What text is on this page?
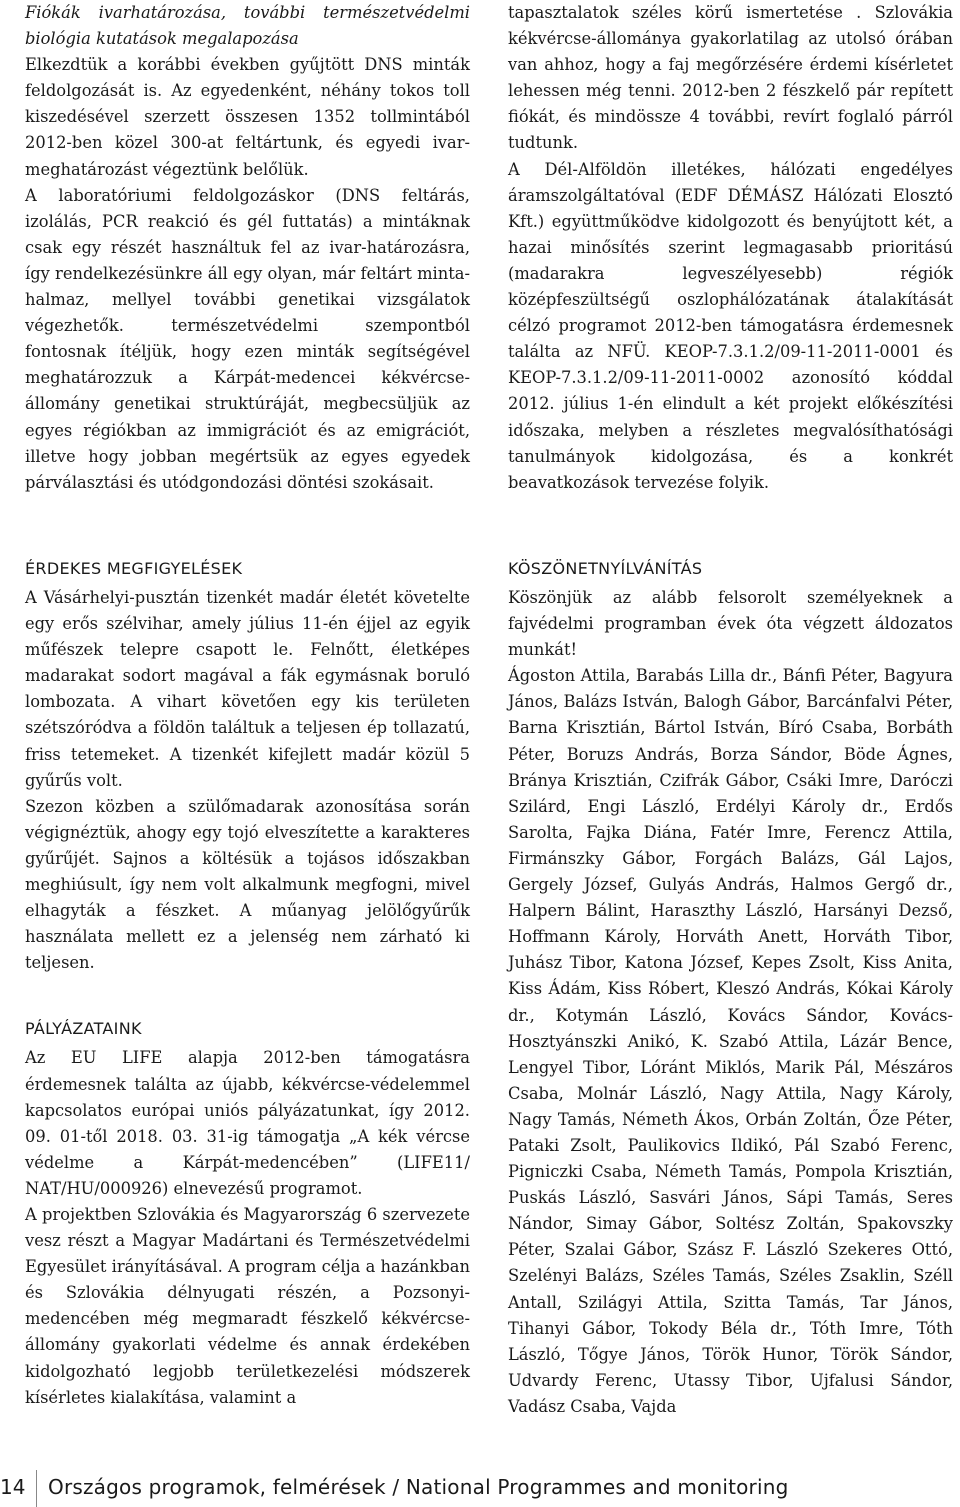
Fiókák ivarhatározása, további természetvédelmi biológia kutatások megalapozása

Elkezdtük a korábbi években gyűjtött DNS minták feldolgozását is. Az egyedenként, néhány tokos toll kiszedésével szerzett összesen 1352 tollmintából 2012-ben közel 300-at feltártunk, és egyedi ivar-meghatározást végeztünk belőlük.

A laboratóriumi feldolgozáskor (DNS feltárás, izolálás, PCR reakció és gél futtatás) a mintáknak csak egy részét használtuk fel az ivar-határozásra, így rendelkezésünkre áll egy olyan, már feltárt minta-halmaz, mellyel további genetikai vizsgálatok végezhetők. természetvédelmi szempontból fontosnak ítéljük, hogy ezen minták segítségével meghatározzuk a Kárpát-medencei kékvércse-állomány genetikai struktúráját, megbecsüljük az egyes régiókban az immigrációt és az emigrációt, illetve hogy jobban megértsük az egyes egyedek párválasztási és utódgondozási döntési szokásait.

tapasztalatok széles körű ismertetése . Szlovákia kékvércse-állománya gyakorlatilag az utolsó órában van ahhoz, hogy a faj megőrzésére érdemi kísérletet lehessen még tenni. 2012-ben 2 fészkelő pár repített fiókát, és mindössze 4 további, revírt foglaló párról tudtunk.

A Dél-Alföldön illetékes, hálózati engedélyes áramszolgáltatóval (EDF DÉMÁSZ Hálózati Elosztó Kft.) együttműködve kidolgozott és benyújtott két, a hazai minősítés szerint legmagasabb prioritású (madarakra legveszélyesebb) régiók középfeszültségű oszlophálózatának átalakítását célzó programot 2012-ben támogatásra érdemesnek találta az NFÜ. KEOP-7.3.1.2/09-11-2011-0001 és KEOP-7.3.1.2/09-11-2011-0002 azonosító kóddal 2012. július 1-én elindult a két projekt előkészítési időszaka, melyben a részletes megvalósíthatósági tanulmányok kidolgozása, és a konkrét beavatkozások tervezése folyik.

ÉRDEKES MEGFIGYELÉSEK

A Vásárhelyi-pusztán tizenkét madár életét követelte egy erős szélvihar, amely július 11-én éjjel az egyik műfészek telepre csapott le. Felnőtt, életképes madarakat sodort magával a fák egymásnak boruló lombozata. A vihart követően egy kis területen szétszóródva a földön találtuk a teljesen ép tollazatú, friss tetemeket. A tizenkét kifejlett madár közül 5 gyűrűs volt.

Szezon közben a szülőmadarak azonosítása során végignéztük, ahogy egy tojó elveszítette a karakteres gyűrűjét. Sajnos a költésük a tojásos időszakban meghiúsult, így nem volt alkalmunk megfogni, mivel elhagyták a fészket. A műanyag jelölőgyűrűk használata mellett ez a jelenség nem zárható ki teljesen.

PÁLYÁZATAINK

Az EU LIFE alapja 2012-ben támogatásra érdemesnek találta az újabb, kékvércse-védelemmel kapcsolatos európai uniós pályázatunkat, így 2012. 09. 01-től 2018. 03. 31-ig támogatja „A kék vércse védelme a Kárpát-medencében” (LIFE11/ NAT/HU/000926) elnevezésű programot.

A projektben Szlovákia és Magyarország 6 szervezete vesz részt a Magyar Madártani és Természetvédelmi Egyesület irányításával. A program célja a hazánkban és Szlovákia délnyugati részén, a Pozsonyi-medencében még megmaradt fészkelő kékvércse-állomány gyakorlati védelme és annak érdekében kidolgozható legjobb területkezelési módszerek kísérletes kialakítása, valamint a

KÖSZÖNETNYÍLVÁNÍTÁS

Köszönjük az alább felsorolt személyeknek a fajvédelmi programban évek óta végzett áldozatos munkát!

Ágoston Attila, Barabás Lilla dr., Bánfi Péter, Bagyura János, Balázs István, Balogh Gábor, Barcánfalvi Péter, Barna Krisztián, Bártol István, Bíró Csaba, Borbáth Péter, Boruzs András, Borza Sándor, Böde Ágnes, Bránya Krisztián, Czifrák Gábor, Csáki Imre, Daróczi Szilárd, Engi László, Erdélyi Károly dr., Erdős Sarolta, Fajka Diána, Fatér Imre, Ferencz Attila, Firmánszky Gábor, Forgách Balázs, Gál Lajos, Gergely József, Gulyás András, Halmos Gergő dr., Halpern Bálint, Haraszthy László, Harsányi Dezső, Hoffmann Károly, Horváth Anett, Horváth Tibor, Juhász Tibor, Katona József, Kepes Zsolt, Kiss Anita, Kiss Ádám, Kiss Róbert, Kleszó András, Kókai Károly dr., Kotymán László, Kovács Sándor, Kovács-Hosztyánszki Anikó, K. Szabó Attila, Lázár Bence, Lengyel Tibor, Lóránt Miklós, Marik Pál, Mészáros Csaba, Molnár László, Nagy Attila, Nagy Károly, Nagy Tamás, Németh Ákos, Orbán Zoltán, Őze Péter, Pataki Zsolt, Paulikovics Ildikó, Pál Szabó Ferenc, Pigniczki Csaba, Németh Tamás, Pompola Krisztián, Puskás László, Sasvári János, Sápi Tamás, Seres Nándor, Simay Gábor, Soltész Zoltán, Spakovszky Péter, Szalai Gábor, Szász F. László Szekeres Ottó, Szelényi Balázs, Széles Tamás, Széles Zsaklin, Széll Antall, Szilágyi Attila, Szitta Tamás, Tar János, Tihanyi Gábor, Tokody Béla dr., Tóth Imre, Tóth László, Tőgye János, Török Hunor, Török Sándor, Udvardy Ferenc, Utassy Tibor, Ujfalusi Sándor, Vadász Csaba, Vajda

14 Országos programok, felmérések / National Programmes and monitoring
